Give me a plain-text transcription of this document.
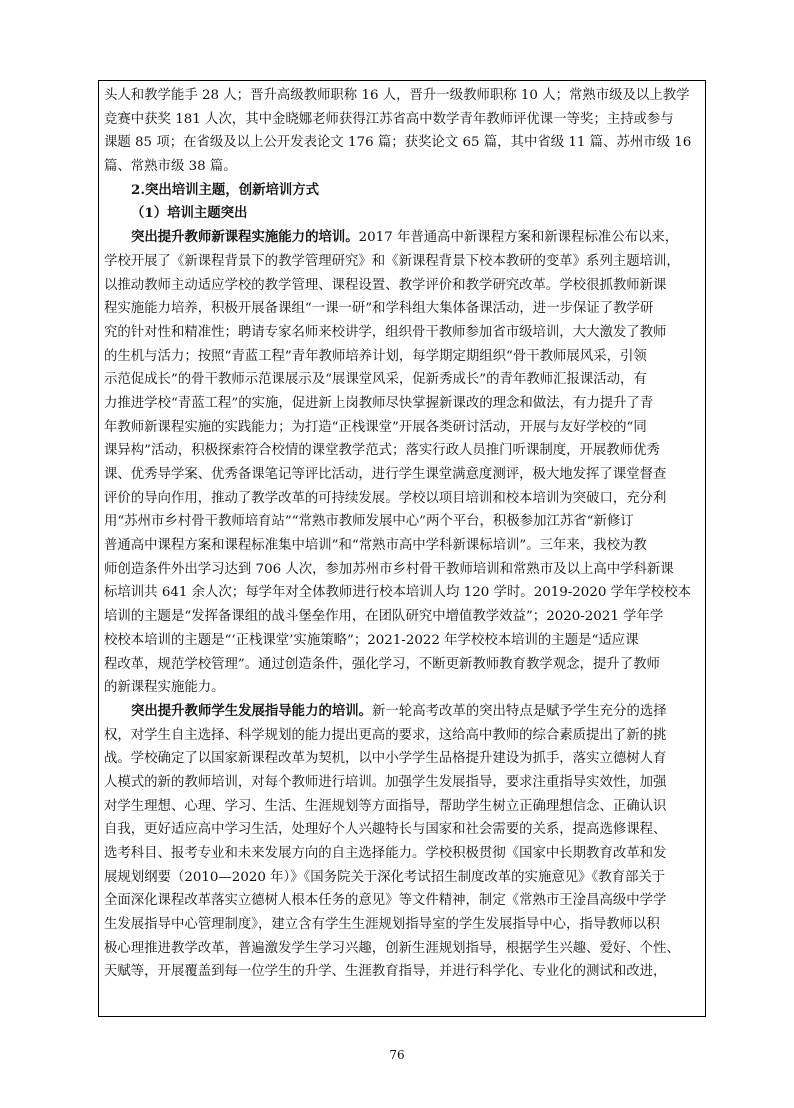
头人和教学能手 28 人；晋升高级教师职称 16 人，晋升一级教师职称 10 人；常熟市级及以上教学
竞赛中获奖 181 人次，其中金晓娜老师获得江苏省高中数学青年教师评优课一等奖；主持或参与
课题 85 项；在省级及以上公开发表论文 176 篇；获奖论文 65 篇，其中省级 11 篇、苏州市级 16
篇、常熟市级 38 篇。
2.突出培训主题，创新培训方式
（1）培训主题突出
突出提升教师新课程实施能力的培训。2017 年普通高中新课程方案和新课程标准公布以来，
学校开展了《新课程背景下的教学管理研究》和《新课程背景下校本教研的变革》系列主题培训，
以推动教师主动适应学校的教学管理、课程设置、教学评价和教学研究改革。学校很抓教师新课
程实施能力培养，积极开展备课组“一课一研”和学科组大集体备课活动，进一步保证了教学研
究的针对性和精准性；聘请专家名师来校讲学，组织骨干教师参加省市级培训，大大激发了教师
的生机与活力；按照“青蓝工程”青年教师培养计划，每学期定期组织“骨干教师展风采，引领
示范促成长”的骨干教师示范课展示及“展课堂风采，促新秀成长”的青年教师汇报课活动，有
力推进学校“青蓝工程”的实施，促进新上岗教师尽快掌握新课改的理念和做法，有力提升了青
年教师新课程实施的实践能力；为打造“正栈课堂”开展各类研讨活动，开展与友好学校的“同
课异构”活动，积极探索符合校情的课堂教学范式；落实行政人员推门听课制度，开展教师优秀
课、优秀导学案、优秀备课笔记等评比活动，进行学生课堂满意度测评，极大地发挥了课堂督查
评价的导向作用，推动了教学改革的可持续发展。学校以项目培训和校本培训为突破口，充分利
用“苏州市乡村骨干教师培育站”“常熟市教师发展中心”两个平台，积极参加江苏省“新修订
普通高中课程方案和课程标准集中培训”和“常熟市高中学科新课标培训”。三年来，我校为教
师创造条件外出学习达到 706 人次，参加苏州市乡村骨干教师培训和常熟市及以上高中学科新课
标培训共 641 余人次；每学年对全体教师进行校本培训人均 120 学时。2019-2020 学年学校校本
培训的主题是“发挥备课组的战斗堡垒作用，在团队研究中增值教学效益”；2020-2021 学年学
校校本培训的主题是“‘正栈课堂’实施策略”；2021-2022 年学校校本培训的主题是“适应课
程改革，规范学校管理”。通过创造条件，强化学习，不断更新教师教育教学观念，提升了教师
的新课程实施能力。
突出提升教师学生发展指导能力的培训。新一轮高考改革的突出特点是赋予学生充分的选择
权，对学生自主选择、科学规划的能力提出更高的要求，这给高中教师的综合素质提出了新的挑
战。学校确定了以国家新课程改革为契机，以中小学学生品格提升建设为抓手，落实立德树人育
人模式的新的教师培训，对每个教师进行培训。加强学生发展指导，要求注重指导实效性，加强
对学生理想、心理、学习、生活、生涯规划等方面指导，帮助学生树立正确理想信念、正确认识
自我，更好适应高中学习生活，处理好个人兴趣特长与国家和社会需要的关系，提高选修课程、
选考科目、报考专业和未来发展方向的自主选择能力。学校积极贯彻《国家中长期教育改革和发
展规划纲要（2010—2020 年）》《国务院关于深化考试招生制度改革的实施意见》《教育部关于
全面深化课程改革落实立德树人根本任务的意见》等文件精神，制定《常熟市王淦昌高级中学学
生发展指导中心管理制度》，建立含有学生生涯规划指导室的学生发展指导中心，指导教师以积
极心理推进教学改革，普遍激发学生学习兴趣，创新生涯规划指导，根据学生兴趣、爱好、个性、
天赋等，开展覆盖到每一位学生的升学、生涯教育指导，并进行科学化、专业化的测试和改进，
76
